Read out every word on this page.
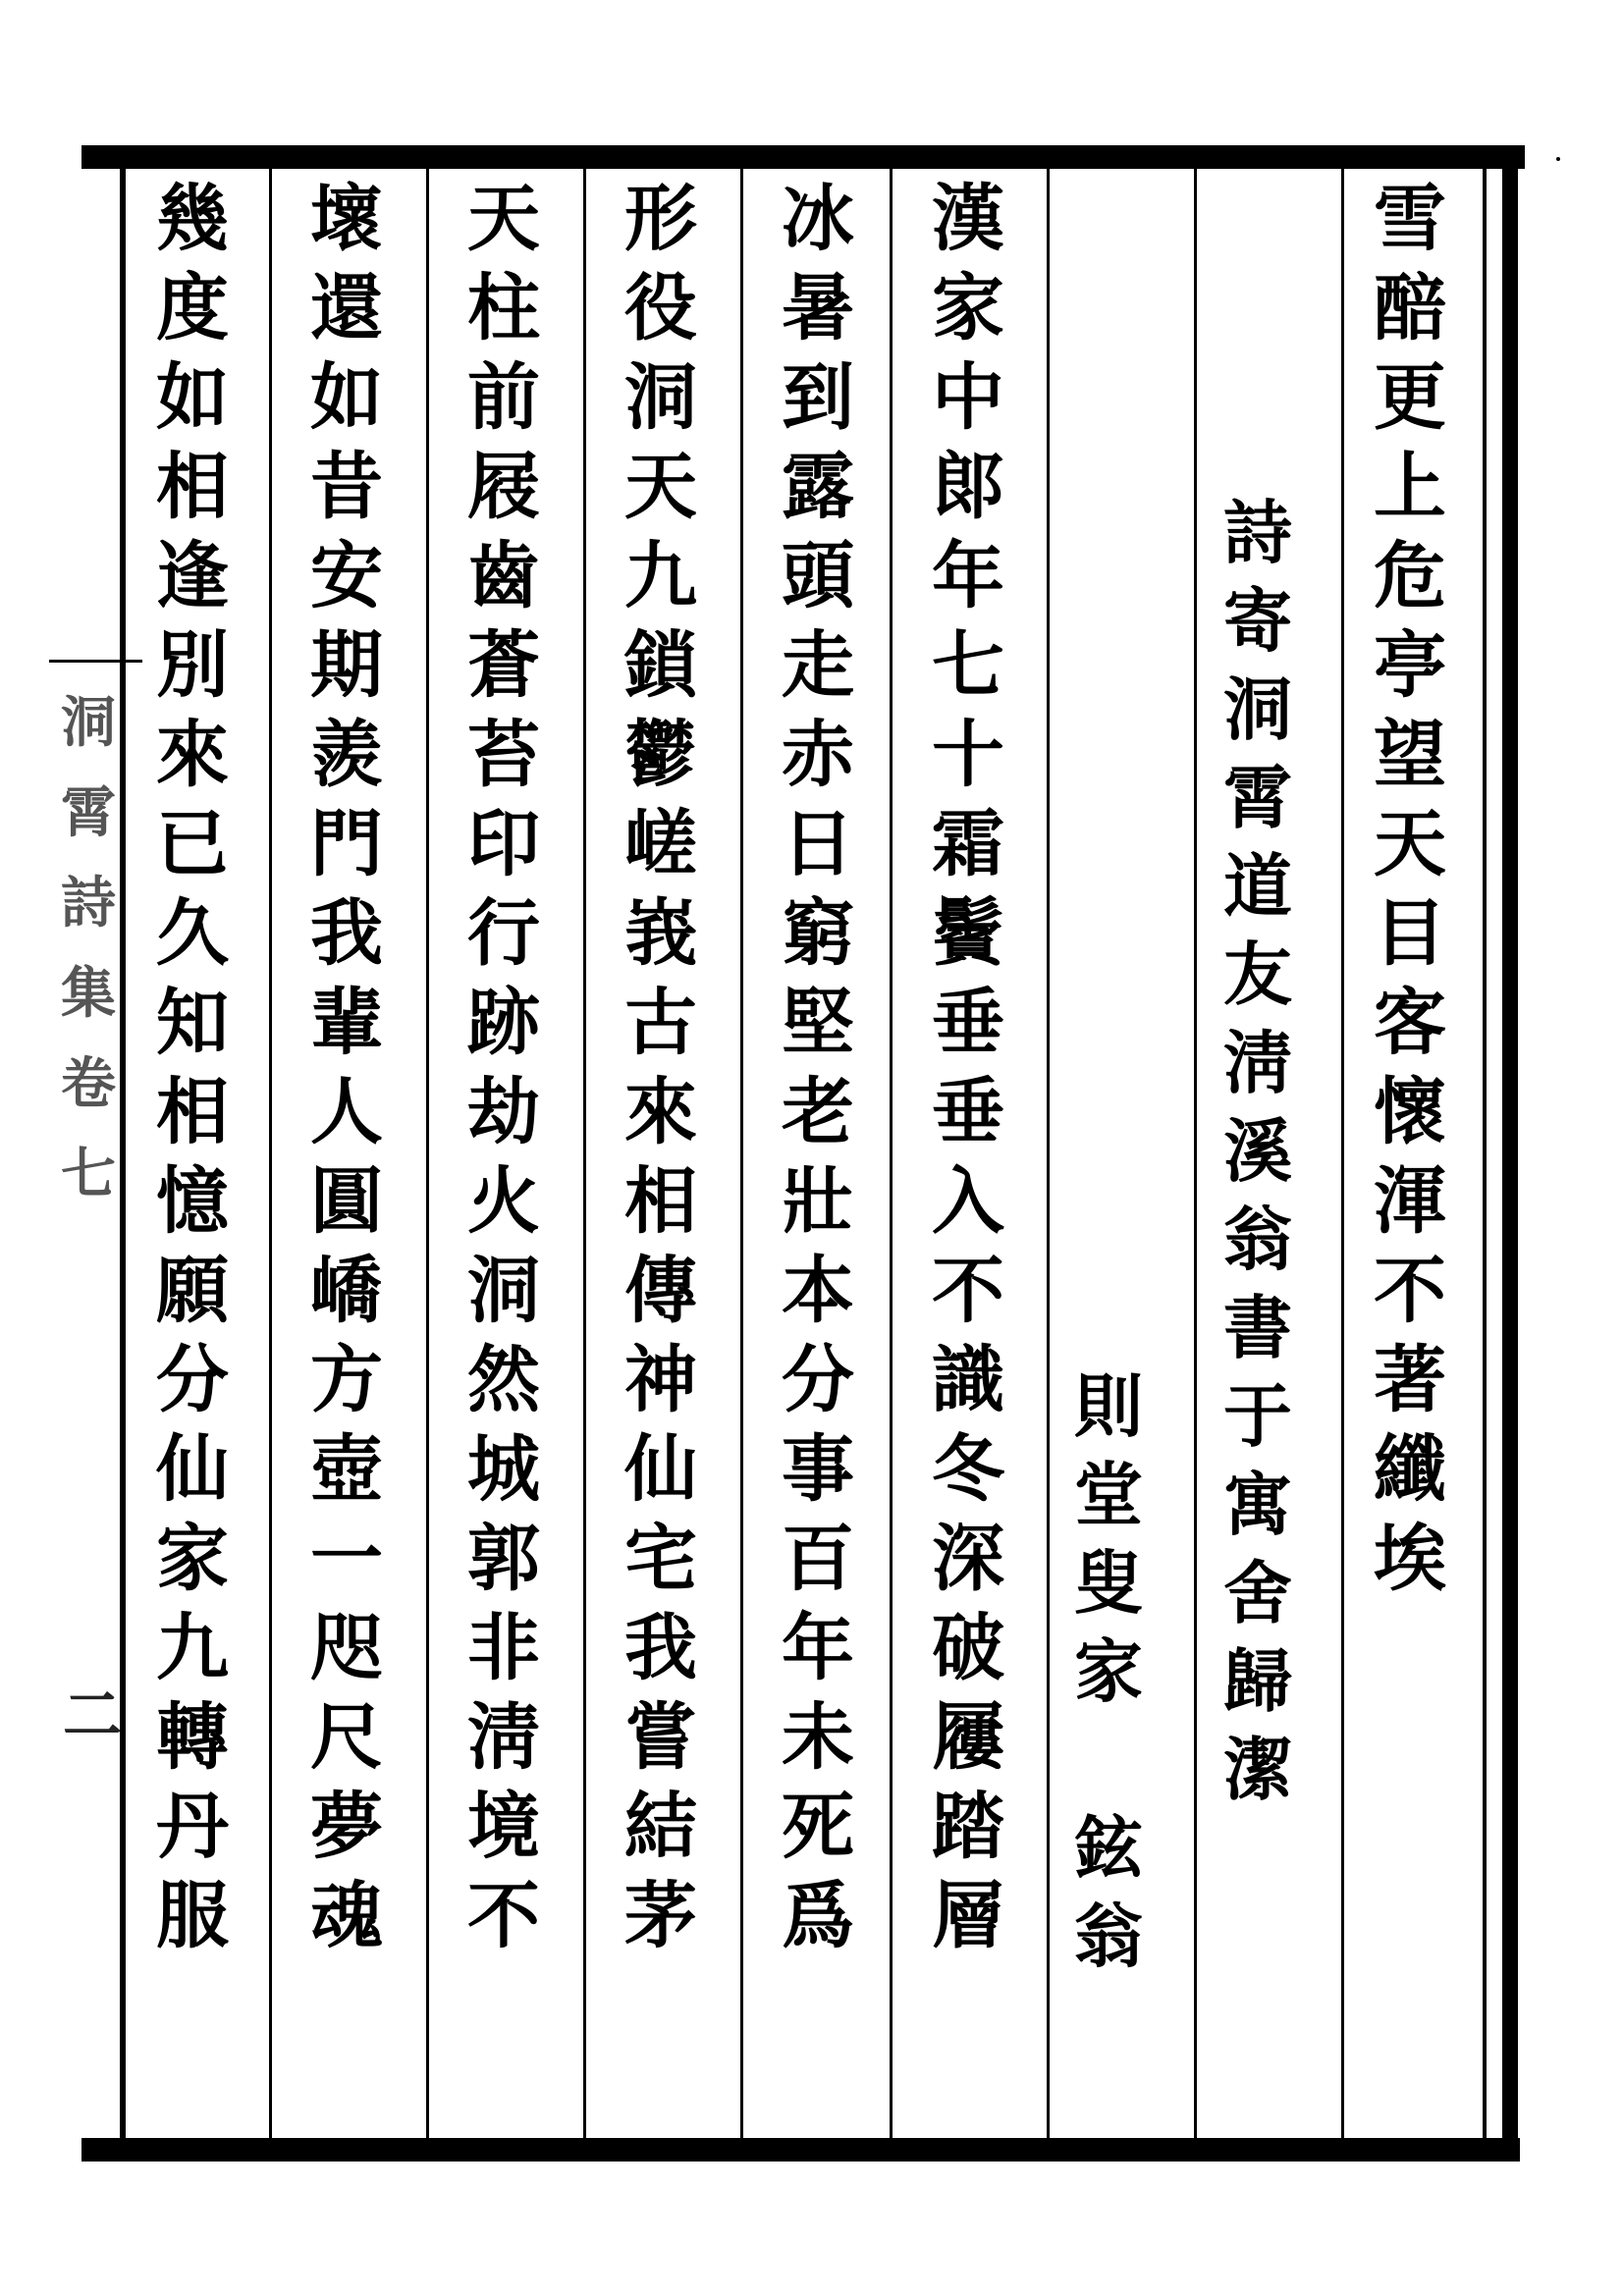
雪
醅
更
上
危
亭
望
天
目
客
懷
渾
不
著
纖
埃
詩
寄
洞
霄
道
友
淸
溪
翁
書
于
寓
舍
歸
潔
則
堂
叟
家

鉉
翁
漢
家
中
郞
年
七
十
霜
鬢
垂
垂
入
不
識
冬
深
破
屨
踏
層
冰
暑
到
露
頭
走
赤
日
窮
堅
老
壯
本
分
事
百
年
未
死
爲
形
役
洞
天
九
鎖
鬱
嵯
峩
古
來
相
傳
神
仙
宅
我
嘗
結
茅
天
柱
前
屐
齒
蒼
苔
印
行
跡
劫
火
洞
然
城
郭
非
淸
境
不
壞
還
如
昔
安
期
羨
門
我
輩
人
圓
嶠
方
壺
一
咫
尺
夢
魂
幾
度
如
相
逢
別
來
已
久
知
相
憶
願
分
仙
家
九
轉
丹
服
洞
霄
詩
集
卷
七
二
